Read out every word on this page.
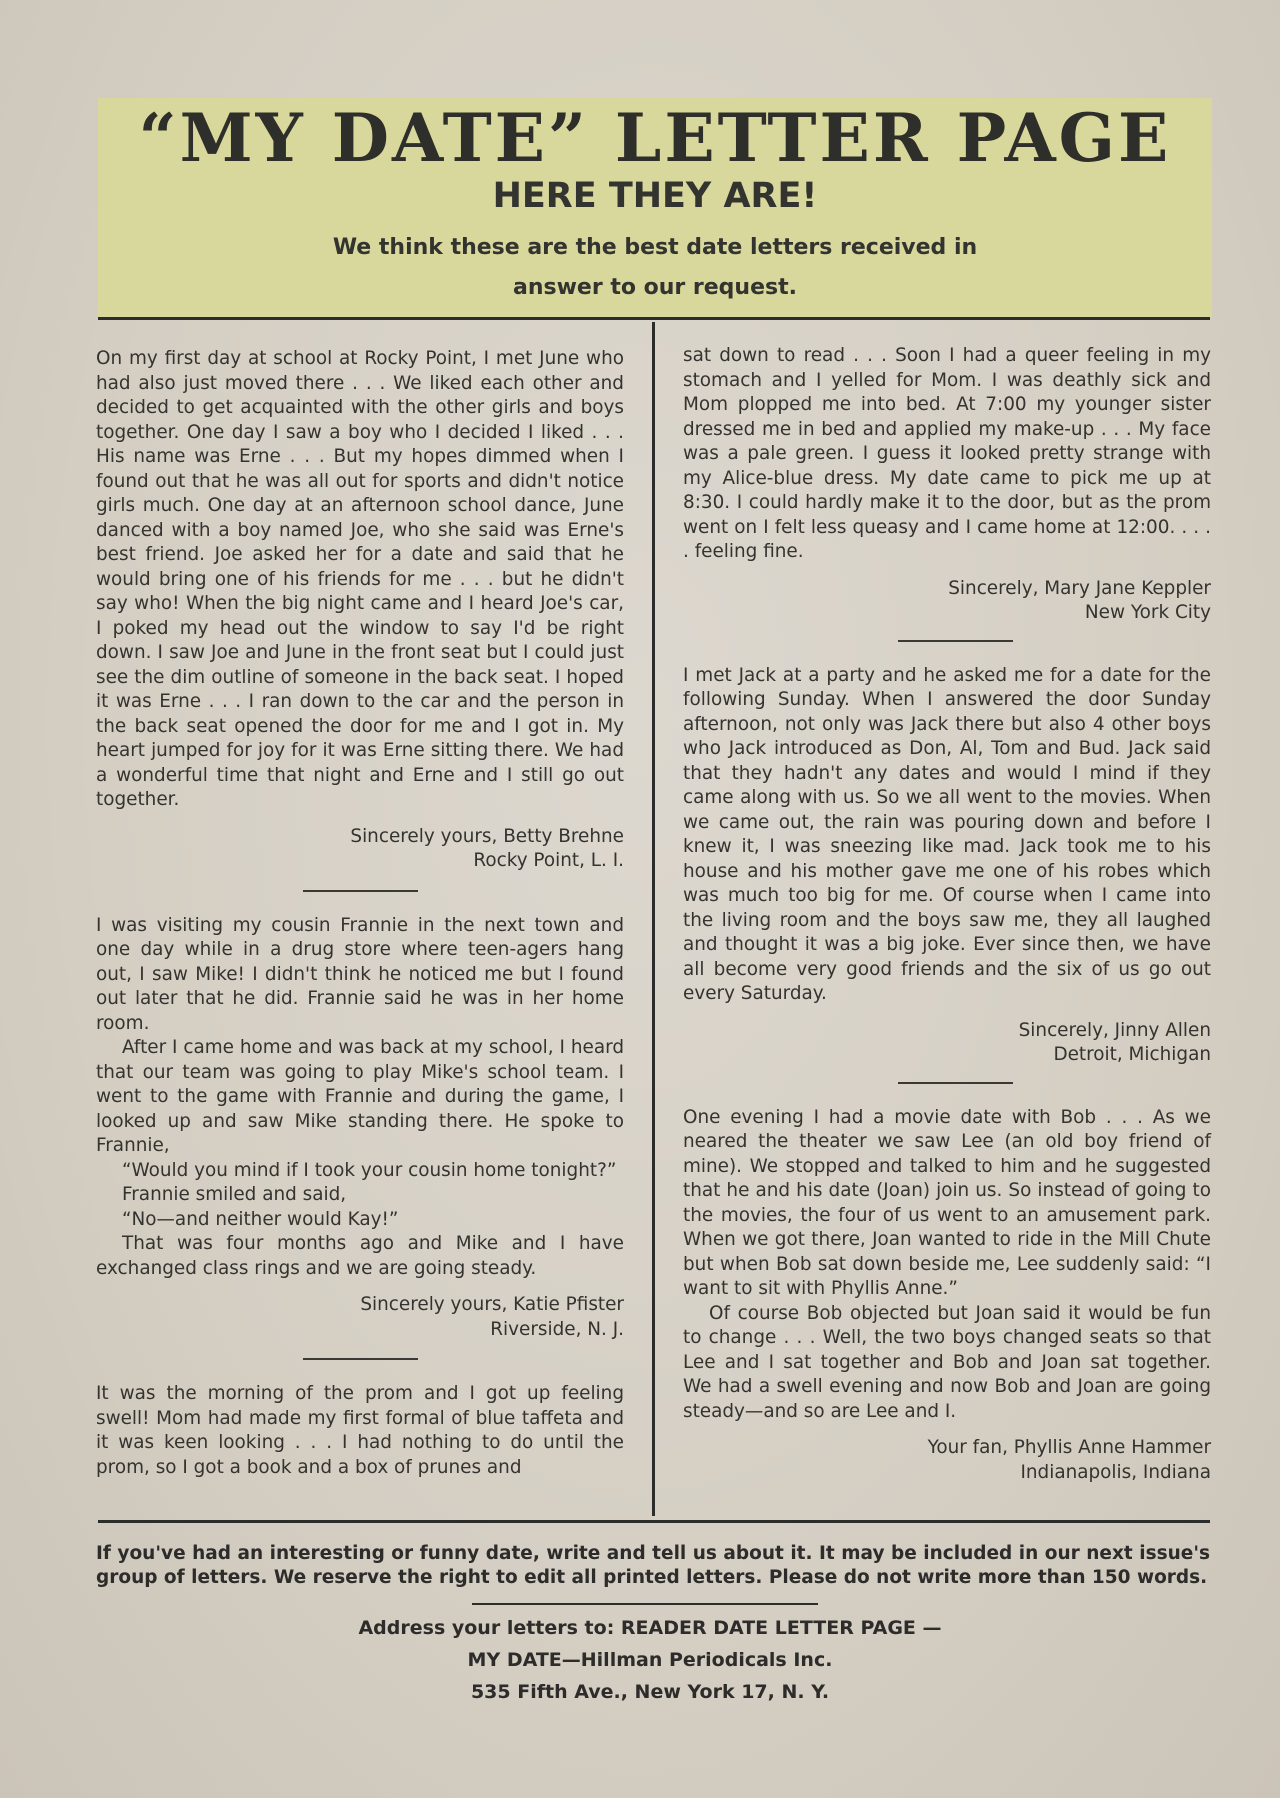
“MY DATE” LETTER PAGE
HERE THEY ARE!
We think these are the best date letters received in answer to our request.

On my first day at school at Rocky Point, I met June who had also just moved there . . . We liked each other and decided to get acquainted with the other girls and boys together. One day I saw a boy who I decided I liked . . . His name was Erne . . . But my hopes dimmed when I found out that he was all out for sports and didn't notice girls much. One day at an afternoon school dance, June danced with a boy named Joe, who she said was Erne's best friend. Joe asked her for a date and said that he would bring one of his friends for me . . . but he didn't say who! When the big night came and I heard Joe's car, I poked my head out the window to say I'd be right down. I saw Joe and June in the front seat but I could just see the dim outline of someone in the back seat. I hoped it was Erne . . . I ran down to the car and the person in the back seat opened the door for me and I got in. My heart jumped for joy for it was Erne sitting there. We had a wonderful time that night and Erne and I still go out together.

Sincerely yours, Betty Brehne
Rocky Point, L. I.

I was visiting my cousin Frannie in the next town and one day while in a drug store where teen-agers hang out, I saw Mike! I didn't think he noticed me but I found out later that he did. Frannie said he was in her home room.

After I came home and was back at my school, I heard that our team was going to play Mike's school team. I went to the game with Frannie and during the game, I looked up and saw Mike standing there. He spoke to Frannie,

“Would you mind if I took your cousin home tonight?”

Frannie smiled and said,

“No—and neither would Kay!”

That was four months ago and Mike and I have exchanged class rings and we are going steady.

Sincerely yours, Katie Pfister
Riverside, N. J.

It was the morning of the prom and I got up feeling swell! Mom had made my first formal of blue taffeta and it was keen looking . . . I had nothing to do until the prom, so I got a book and a box of prunes and

sat down to read . . . Soon I had a queer feeling in my stomach and I yelled for Mom. I was deathly sick and Mom plopped me into bed. At 7:00 my younger sister dressed me in bed and applied my make-up . . . My face was a pale green. I guess it looked pretty strange with my Alice-blue dress. My date came to pick me up at 8:30. I could hardly make it to the door, but as the prom went on I felt less queasy and I came home at 12:00. . . . . feeling fine.

Sincerely, Mary Jane Keppler
New York City

I met Jack at a party and he asked me for a date for the following Sunday. When I answered the door Sunday afternoon, not only was Jack there but also 4 other boys who Jack introduced as Don, Al, Tom and Bud. Jack said that they hadn't any dates and would I mind if they came along with us. So we all went to the movies. When we came out, the rain was pouring down and before I knew it, I was sneezing like mad. Jack took me to his house and his mother gave me one of his robes which was much too big for me. Of course when I came into the living room and the boys saw me, they all laughed and thought it was a big joke. Ever since then, we have all become very good friends and the six of us go out every Saturday.

Sincerely, Jinny Allen
Detroit, Michigan

One evening I had a movie date with Bob . . . As we neared the theater we saw Lee (an old boy friend of mine). We stopped and talked to him and he suggested that he and his date (Joan) join us. So instead of going to the movies, the four of us went to an amusement park. When we got there, Joan wanted to ride in the Mill Chute but when Bob sat down beside me, Lee suddenly said: “I want to sit with Phyllis Anne.”

Of course Bob objected but Joan said it would be fun to change . . . Well, the two boys changed seats so that Lee and I sat together and Bob and Joan sat together. We had a swell evening and now Bob and Joan are going steady—and so are Lee and I.

Your fan, Phyllis Anne Hammer
Indianapolis, Indiana
If you've had an interesting or funny date, write and tell us about it. It may be included in our next issue's group of letters. We reserve the right to edit all printed letters. Please do not write more than 150 words.
Address your letters to: READER DATE LETTER PAGE —
MY DATE—Hillman Periodicals Inc.
535 Fifth Ave., New York 17, N. Y.
